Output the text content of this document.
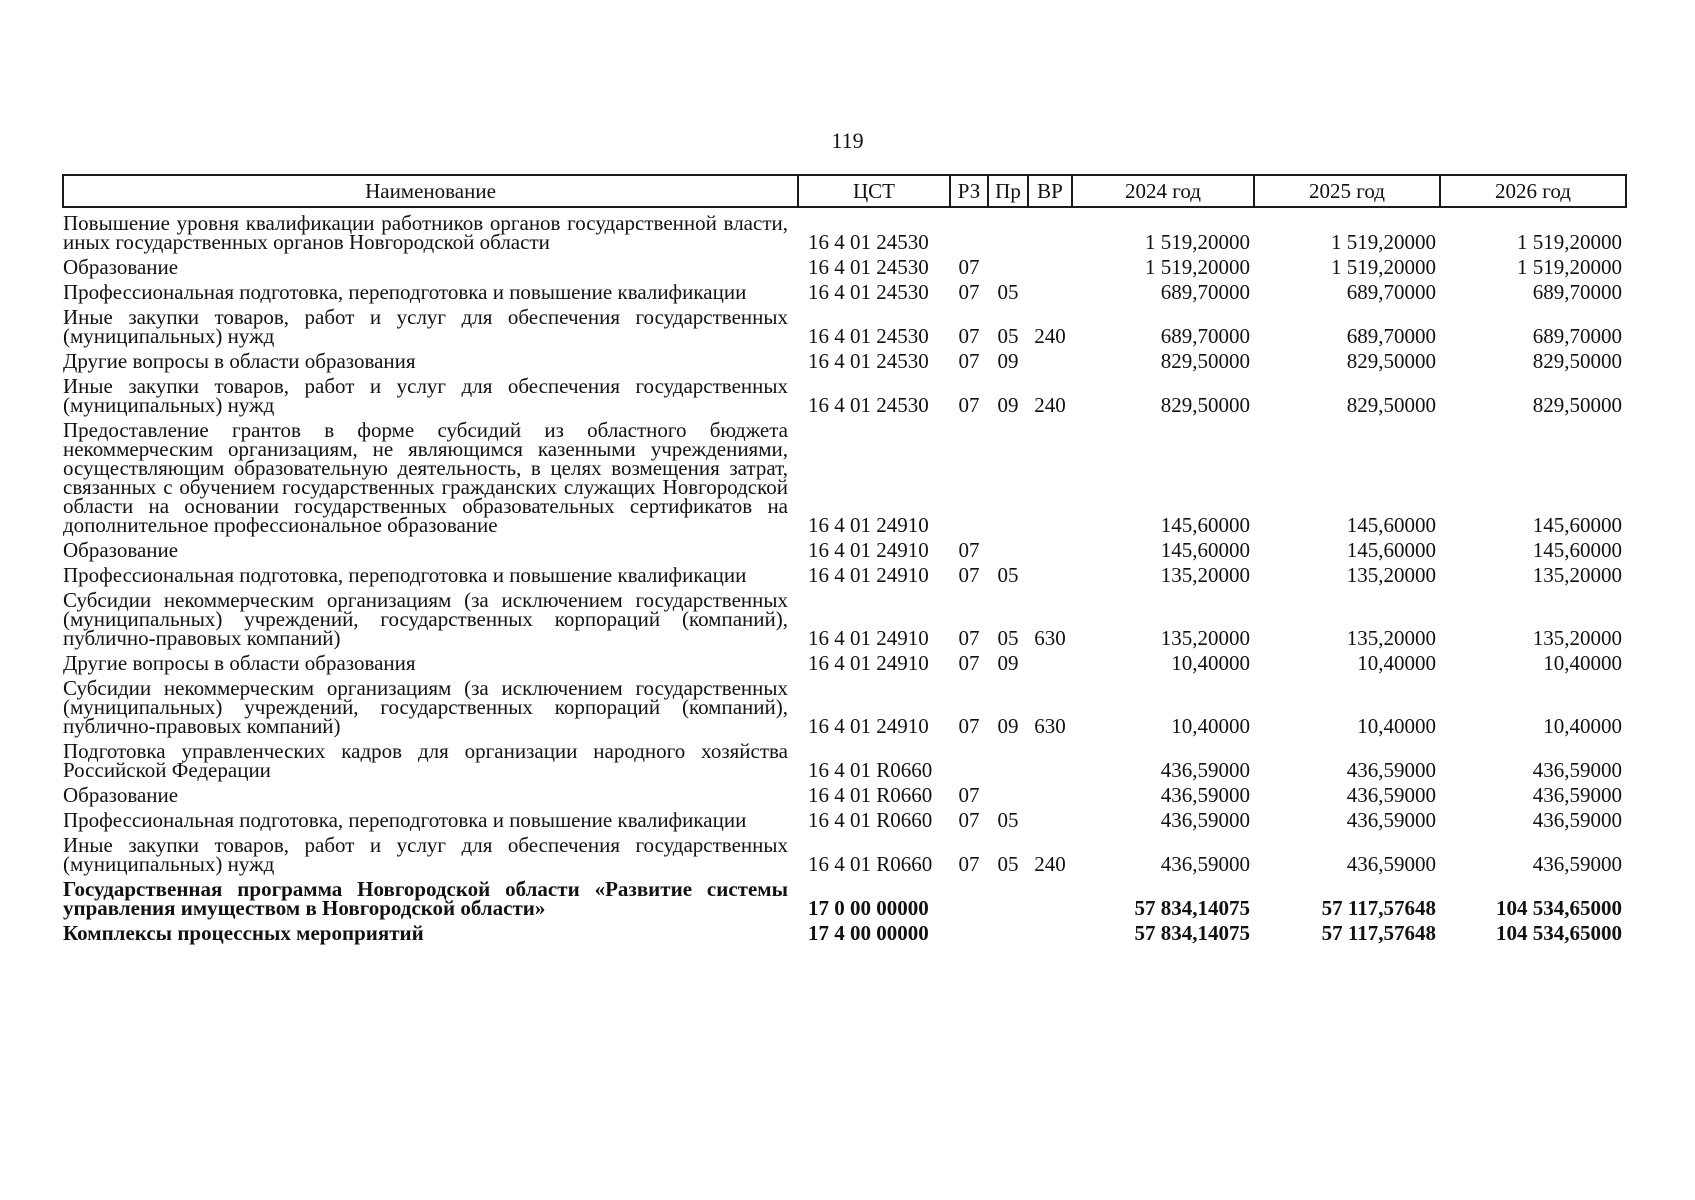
119
Наименование	ЦСТ	РЗ	Пр	ВР	2024 год	2025 год	2026 год
Повышение уровня квалификации работников органов государственной власти, иных государственных органов Новгородской области	16 4 01 24530				1 519,20000	1 519,20000	1 519,20000
Образование	16 4 01 24530	07			1 519,20000	1 519,20000	1 519,20000
Профессиональная подготовка, переподготовка и повышение квалификации	16 4 01 24530	07	05		689,70000	689,70000	689,70000
Иные закупки товаров, работ и услуг для обеспечения государственных (муниципальных) нужд	16 4 01 24530	07	05	240	689,70000	689,70000	689,70000
Другие вопросы в области образования	16 4 01 24530	07	09		829,50000	829,50000	829,50000
Иные закупки товаров, работ и услуг для обеспечения государственных (муниципальных) нужд	16 4 01 24530	07	09	240	829,50000	829,50000	829,50000
Предоставление грантов в форме субсидий из областного бюджета некоммерческим организациям, не являющимся казенными учреждениями, осуществляющим образовательную деятельность, в целях возмещения затрат, связанных с обучением государственных гражданских служащих Новгородской области на основании государственных образовательных сертификатов на дополнительное профессиональное образование	16 4 01 24910				145,60000	145,60000	145,60000
Образование	16 4 01 24910	07			145,60000	145,60000	145,60000
Профессиональная подготовка, переподготовка и повышение квалификации	16 4 01 24910	07	05		135,20000	135,20000	135,20000
Субсидии некоммерческим организациям (за исключением государственных (муниципальных) учреждений, государственных корпораций (компаний), публично-правовых компаний)	16 4 01 24910	07	05	630	135,20000	135,20000	135,20000
Другие вопросы в области образования	16 4 01 24910	07	09		10,40000	10,40000	10,40000
Субсидии некоммерческим организациям (за исключением государственных (муниципальных) учреждений, государственных корпораций (компаний), публично-правовых компаний)	16 4 01 24910	07	09	630	10,40000	10,40000	10,40000
Подготовка управленческих кадров для организации народного хозяйства Российской Федерации	16 4 01 R0660				436,59000	436,59000	436,59000
Образование	16 4 01 R0660	07			436,59000	436,59000	436,59000
Профессиональная подготовка, переподготовка и повышение квалификации	16 4 01 R0660	07	05		436,59000	436,59000	436,59000
Иные закупки товаров, работ и услуг для обеспечения государственных (муниципальных) нужд	16 4 01 R0660	07	05	240	436,59000	436,59000	436,59000
Государственная программа Новгородской области «Развитие системы управления имуществом в Новгородской области»	17 0 00 00000				57 834,14075	57 117,57648	104 534,65000
Комплексы процессных мероприятий	17 4 00 00000				57 834,14075	57 117,57648	104 534,65000
